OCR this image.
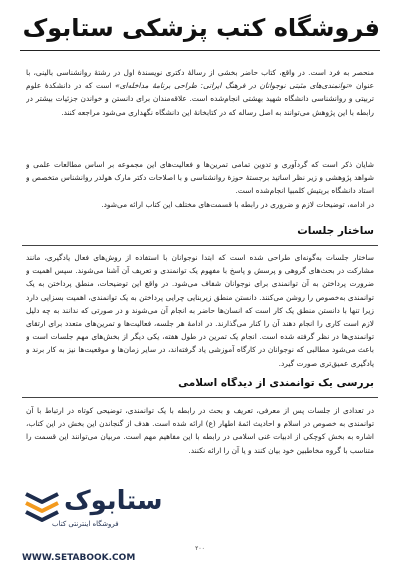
فروشگاه کتب پزشکی ستابوک

منحصر به فرد است. در واقع، کتاب حاضر بخشی از رسالهٔ دکتری نویسندهٔ اول در رشتهٔ روانشناسی بالینی، با عنوان «توانمندی‌های مثبتی نوجوانان در فرهنگ ایرانی: طراحی برنامهٔ مداخله‌ای» است که در دانشکدهٔ علوم تربیتی و روانشناسی دانشگاه شهید بهشتی انجام‌شده است. علاقه‌مندان برای دانستن و خواندن جزئیات بیشتر در رابطه با این پژوهش می‌توانند به اصل رساله که در کتابخانهٔ این دانشگاه نگهداری می‌شود مراجعه کنند.

شایان ذکر است که گردآوری و تدوین تمامی تمرین‌ها و فعالیت‌های این مجموعه بر اساس مطالعات علمی و شواهد پژوهشی و زیر نظر اساتید برجستهٔ حوزهٔ روانشناسی و با اصلاحات دکتر مارک هولدر روانشناس متخصص و استاد دانشگاه بریتیش کلمبیا انجام‌شده است.

در ادامه، توضیحات لازم و ضروری در رابطه با قسمت‌های مختلف این کتاب ارائه می‌شود.

ساختار جلسات

ساختار جلسات به‌گونه‌ای طراحی شده است که ابتدا نوجوانان با استفاده از روش‌های فعال یادگیری، مانند مشارکت در بحث‌های گروهی و پرسش و پاسخ با مفهوم یک توانمندی و تعریف آن آشنا می‌شوند. سپس اهمیت و ضرورت پرداختن به آن توانمندی برای نوجوانان شفاف می‌شود. در واقع این توضیحات، منطق پرداختن به یک توانمندی به‌خصوص را روشن می‌کنند. دانستن منطق زیربنایی چرایی پرداختن به یک توانمندی، اهمیت بسزایی دارد زیرا تنها با دانستن منطق یک کار است که انسان‌ها حاضر به انجام آن می‌شوند و در صورتی که ندانند به چه دلیل لازم است کاری را انجام دهند آن را کنار می‌گذارند. در ادامهٔ هر جلسه، فعالیت‌ها و تمرین‌های متعدد برای ارتقای توانمندی‌ها در نظر گرفته شده است. انجام یک تمرین در طول هفته، یکی دیگر از بخش‌های مهم جلسات است و باعث می‌شود مطالبی که نوجوانان در کارگاه آموزشی یاد گرفته‌اند، در سایر زمان‌ها و موقعیت‌ها نیز به کار برند و یادگیری عمیق‌تری صورت گیرد.

بررسی یک توانمندی از دیدگاه اسلامی

در تعدادی از جلسات پس از معرفی، تعریف و بحث در رابطه با یک توانمندی، توضیحی کوتاه در ارتباط با آن توانمندی به خصوص در اسلام و احادیث ائمهٔ اطهار (ع) ارائه شده است. هدف از گنجاندن این بخش در این کتاب، اشاره به بخش کوچکی از ادبیات غنی اسلامی در رابطه با این مفاهیم مهم است. مربیان می‌توانند این قسمت را متناسب با گروه مخاطبین خود بیان کنند و یا آن را ارائه نکنند.

ستابوک
فروشگاه اینترنتی کتاب
۲۰۰
WWW.SETABOOK.COM
